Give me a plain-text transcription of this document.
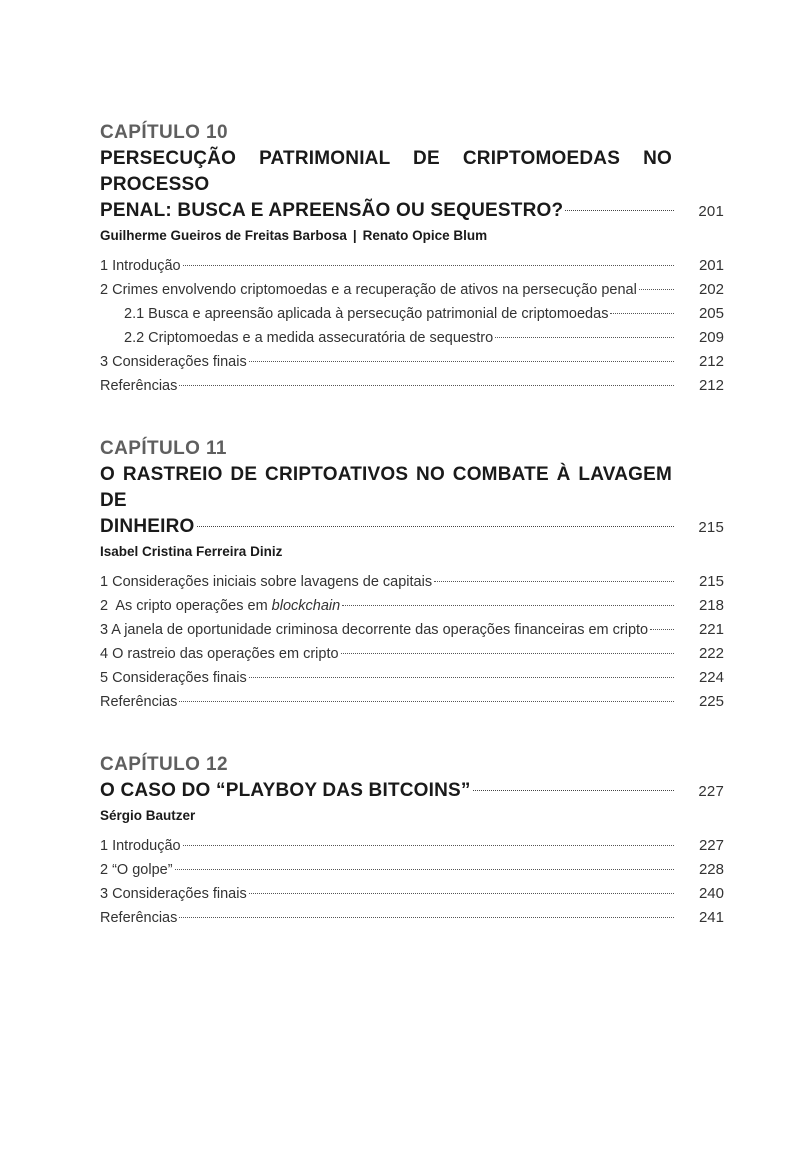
CAPÍTULO 10
PERSECUÇÃO PATRIMONIAL DE CRIPTOMOEDAS NO PROCESSO
PENAL: BUSCA E APREENSÃO OU SEQUESTRO?	201
Guilherme Gueiros de Freitas Barbosa | Renato Opice Blum
1 Introdução	201
2 Crimes envolvendo criptomoedas e a recuperação de ativos na persecução penal	202
2.1 Busca e apreensão aplicada à persecução patrimonial de criptomoedas	205
2.2 Criptomoedas e a medida assecuratória de sequestro	209
3 Considerações finais	212
Referências	212
CAPÍTULO 11
O RASTREIO DE CRIPTOATIVOS NO COMBATE À LAVAGEM DE
DINHEIRO	215
Isabel Cristina Ferreira Diniz
1 Considerações iniciais sobre lavagens de capitais	215
2  As cripto operações em blockchain	218
3 A janela de oportunidade criminosa decorrente das operações financeiras em cripto	221
4 O rastreio das operações em cripto	222
5 Considerações finais	224
Referências	225
CAPÍTULO 12
O CASO DO “PLAYBOY DAS BITCOINS”	227
Sérgio Bautzer
1 Introdução	227
2 “O golpe”	228
3 Considerações finais	240
Referências	241
